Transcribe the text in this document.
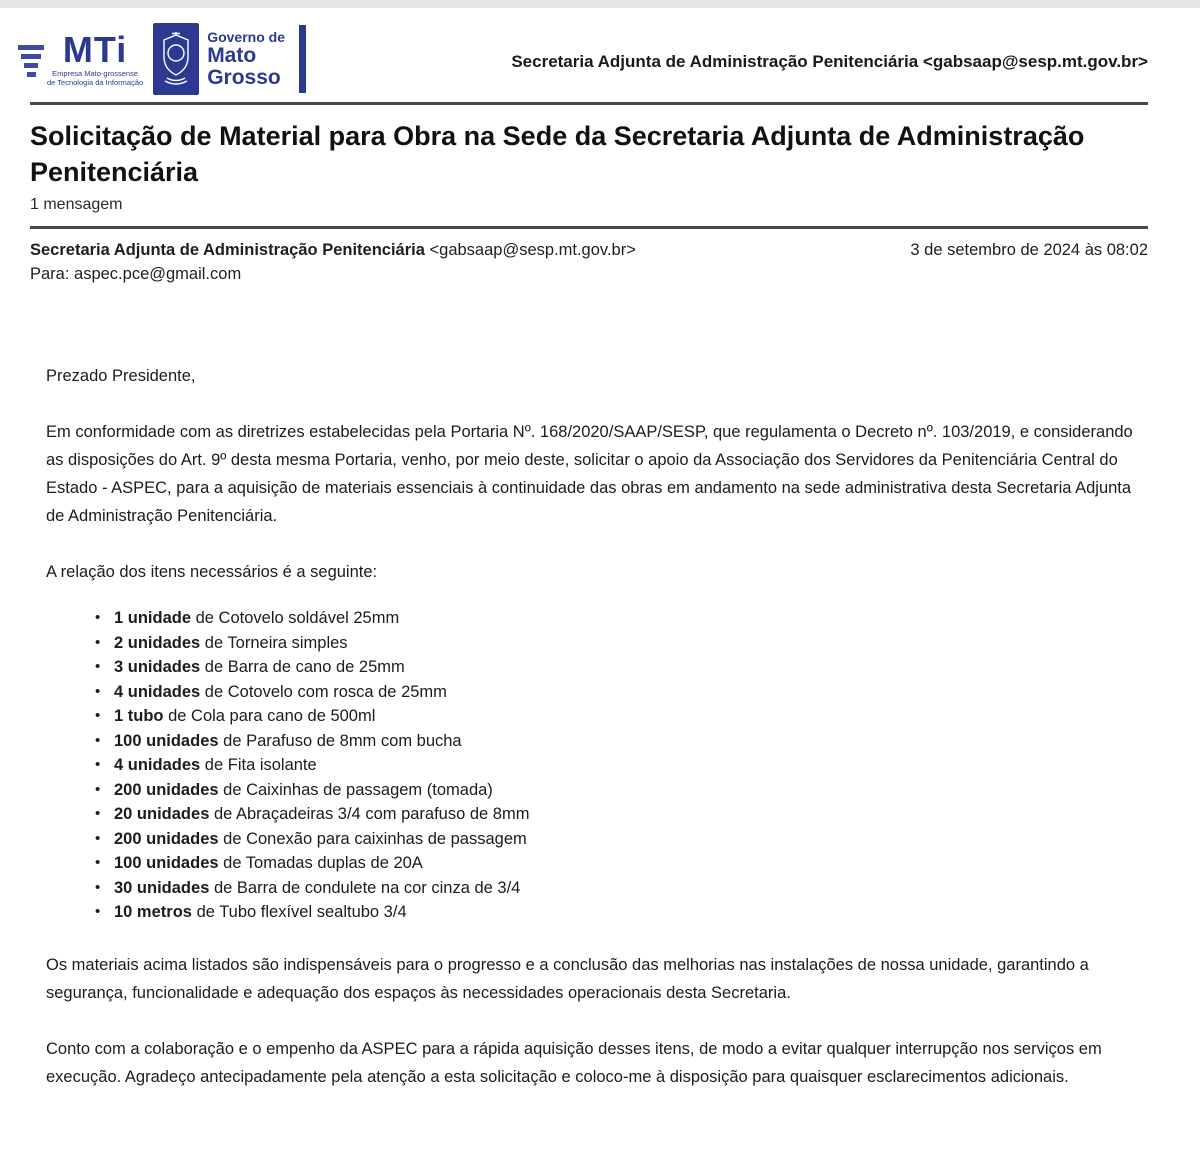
MTi
Empresa Mato-grossense
de Tecnologia da Informação
Governo de
Mato
Grosso
Secretaria Adjunta de Administração Penitenciária <gabsaap@sesp.mt.gov.br>
Solicitação de Material para Obra na Sede da Secretaria Adjunta de Administração Penitenciária
1 mensagem
Secretaria Adjunta de Administração Penitenciária <gabsaap@sesp.mt.gov.br>	3 de setembro de 2024 às 08:02
Para: aspec.pce@gmail.com

Prezado Presidente,

Em conformidade com as diretrizes estabelecidas pela Portaria Nº. 168/2020/SAAP/SESP, que regulamenta o Decreto nº. 103/2019, e considerando as disposições do Art. 9º desta mesma Portaria, venho, por meio deste, solicitar o apoio da Associação dos Servidores da Penitenciária Central do Estado - ASPEC, para a aquisição de materiais essenciais à continuidade das obras em andamento na sede administrativa desta Secretaria Adjunta de Administração Penitenciária.

A relação dos itens necessários é a seguinte:

• 1 unidade de Cotovelo soldável 25mm
• 2 unidades de Torneira simples
• 3 unidades de Barra de cano de 25mm
• 4 unidades de Cotovelo com rosca de 25mm
• 1 tubo de Cola para cano de 500ml
• 100 unidades de Parafuso de 8mm com bucha
• 4 unidades de Fita isolante
• 200 unidades de Caixinhas de passagem (tomada)
• 20 unidades de Abraçadeiras 3/4 com parafuso de 8mm
• 200 unidades de Conexão para caixinhas de passagem
• 100 unidades de Tomadas duplas de 20A
• 30 unidades de Barra de condulete na cor cinza de 3/4
• 10 metros de Tubo flexível sealtubo 3/4

Os materiais acima listados são indispensáveis para o progresso e a conclusão das melhorias nas instalações de nossa unidade, garantindo a segurança, funcionalidade e adequação dos espaços às necessidades operacionais desta Secretaria.

Conto com a colaboração e o empenho da ASPEC para a rápida aquisição desses itens, de modo a evitar qualquer interrupção nos serviços em execução. Agradeço antecipadamente pela atenção a esta solicitação e coloco-me à disposição para quaisquer esclarecimentos adicionais.
